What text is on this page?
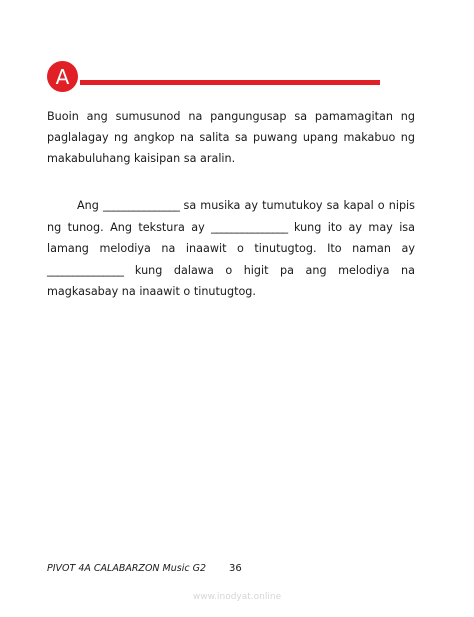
A

Buoin ang sumusunod na pangungusap sa pamamagitan ng paglalagay ng angkop na salita sa puwang upang makabuo ng makabuluhang kaisipan sa aralin.

Ang _______________ sa musika ay tumutukoy sa kapal o nipis ng tunog. Ang tekstura ay _______________ kung ito ay may isa lamang melodiya na inaawit o tinutugtog. Ito naman ay _______________ kung dalawa o higit pa ang melodiya na magkasabay na inaawit o tinutugtog.

PIVOT 4A CALABARZON Music G2 36
www.inodyat.online
